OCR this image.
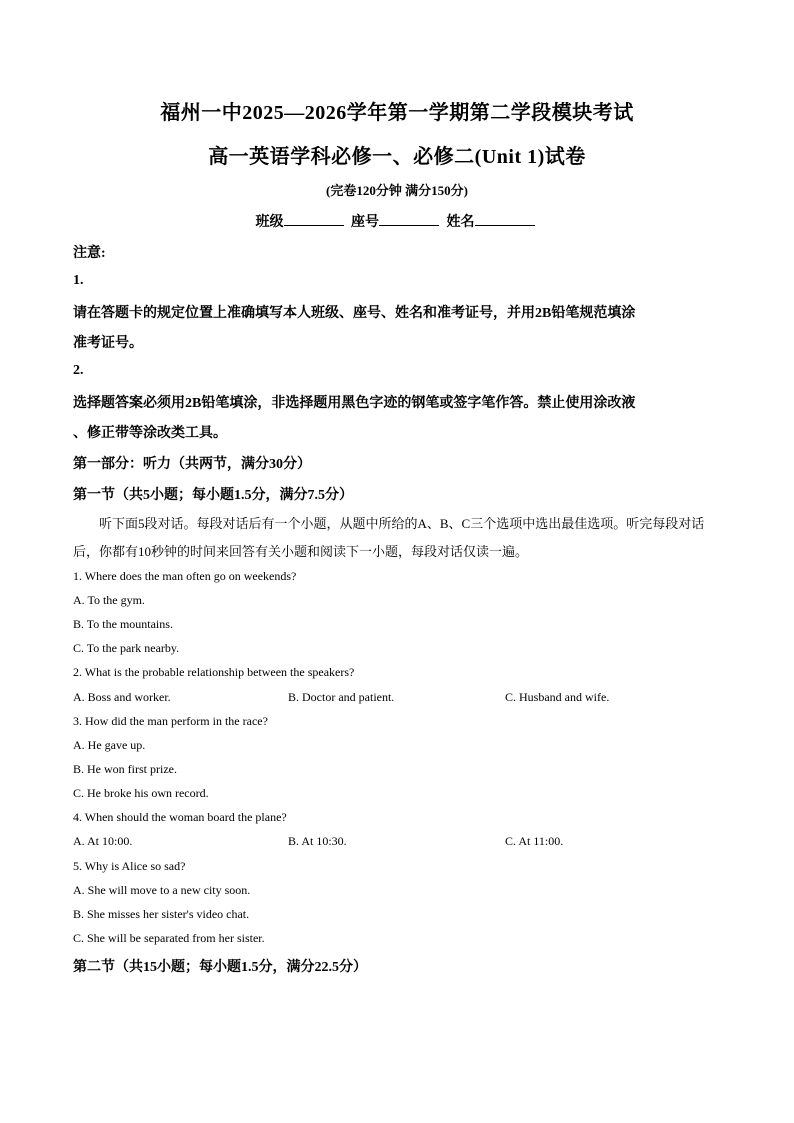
福州一中2025—2026学年第一学期第二学段模块考试
高一英语学科必修一、必修二(Unit 1)试卷
(完卷120分钟 满分150分)
班级	座号	姓名
注意:
1.
请在答题卡的规定位置上准确填写本人班级、座号、姓名和准考证号，并用2B铅笔规范填涂
准考证号。
2.
选择题答案必须用2B铅笔填涂，非选择题用黑色字迹的钢笔或签字笔作答。禁止使用涂改液
、修正带等涂改类工具。
第一部分：听力（共两节，满分30分）
第一节（共5小题；每小题1.5分，满分7.5分）
听下面5段对话。每段对话后有一个小题，从题中所给的A、B、C三个选项中选出最佳选项。听完每段对话后，你都有10秒钟的时间来回答有关小题和阅读下一小题，每段对话仅读一遍。
1. Where does the man often go on weekends?
A. To the gym.
B. To the mountains.
C. To the park nearby.
2. What is the probable relationship between the speakers?
A. Boss and worker.	B. Doctor and patient.	C. Husband and wife.
3. How did the man perform in the race?
A. He gave up.
B. He won first prize.
C. He broke his own record.
4. When should the woman board the plane?
A. At 10:00.	B. At 10:30.	C. At 11:00.
5. Why is Alice so sad?
A. She will move to a new city soon.
B. She misses her sister's video chat.
C. She will be separated from her sister.
第二节（共15小题；每小题1.5分，满分22.5分）
